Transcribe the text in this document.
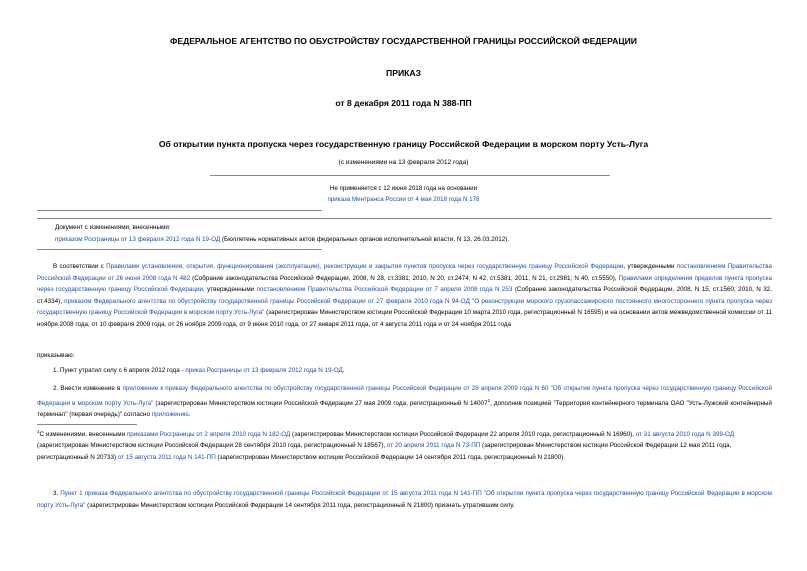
ФЕДЕРАЛЬНОЕ АГЕНТСТВО ПО ОБУСТРОЙСТВУ ГОСУДАРСТВЕННОЙ ГРАНИЦЫ РОССИЙСКОЙ ФЕДЕРАЦИИ
ПРИКАЗ
от 8 декабря 2011 года N 388-ПП
Об открытии пункта пропуска через государственную границу Российской Федерации в морском порту Усть-Луга
(с изменениями на 13 февраля 2012 года)
Не применяется с 12 июня 2018 года на основании
приказа Минтранса России от 4 мая 2018 года N 178
Документ с изменениями, внесенными:
приказом Росграницы от 13 февраля 2012 года N 19-ОД (Бюллетень нормативных актов федеральных органов исполнительной власти, N 13, 26.03.2012).
В соответствии с Правилами установления, открытия, функционирования (эксплуатации), реконструкции и закрытия пунктов пропуска через государственную границу Российской Федерации, утвержденными постановлением Правительства Российской Федерации от 26 июня 2008 года N 482 (Собрание законодательства Российской Федерации, 2008, N 28, ст.3381; 2010, N 20, ст.2474; N 42, ст.5381; 2011, N 21, ст.2981; N 40, ст.5550), Правилами определения пределов пункта пропуска через государственную границу Российской Федерации, утвержденными постановлением Правительства Российской Федерации от 7 апреля 2008 года N 253 (Собрание законодательства Российской Федерации, 2008, N 15, ст.1560; 2010, N 32, ст.4334), приказом Федерального агентства по обустройству государственной границы Российской Федерации от 27 февраля 2010 года N 94-ОД "О реконструкции морского грузопассажирского постоянного многостороннего пункта пропуска через государственную границу Российской Федерации в морском порту Усть-Луга" (зарегистрирован Министерством юстиции Российской Федерации 10 марта 2010 года, регистрационный N 16595) и на основании актов межведомственной комиссии от 11 ноября 2008 года, от 10 февраля 2009 года, от 26 ноября 2009 года, от 9 июня 2010 года, от 27 января 2011 года, от 4 августа 2011 года и от 24 ноября 2011 года
приказываю:
1. Пункт утратил силу с 6 апреля 2012 года - приказ Росграницы от 13 февраля 2012 года N 19-ОД.
2. Внести изменение в приложение к приказу Федерального агентства по обустройству государственной границы Российской Федерации от 28 апреля 2009 года N 60 "Об открытии пункта пропуска через государственную границу Российской Федерации в морском порту Усть-Луга" (зарегистрирован Министерством юстиции Российской Федерации 27 мая 2009 года, регистрационный N 14007$^1$, дополнив позицией "Территория контейнерного терминала ОАО "Усть-Лужский контейнерный терминал" (первая очередь)" согласно приложению.
$^1$С изменениями, внесенными приказами Росграницы от 2 апреля 2010 года N 182-ОД (зарегистрирован Министерством юстиции Российской Федерации 22 апреля 2010 года, регистрационный N 16960), от 31 августа 2010 года N 399-ОД (зарегистрирован Министерством юстиции Российской Федерации 28 сентября 2010 года, регистрационный N 18567), от 20 апреля 2011 года N 73-ПП (зарегистрирован Министерством юстиции Российской Федерации 12 мая 2011 года, регистрационный N 20733) от 15 августа 2011 года N 141-ПП (зарегистрирован Министерством юстиции Российской Федерации 14 сентября 2011 года, регистрационный N 21800).
3. Пункт 1 приказа Федерального агентства по обустройству государственной границы Российской Федерации от 15 августа 2011 года N 141-ПП "Об открытии пункта пропуска через государственную границу Российской Федерации в морском порту Усть-Луга" (зарегистрирован Министерством юстиции Российской Федерации 14 сентября 2011 года, регистрационный N 21800) признать утратившим силу.
